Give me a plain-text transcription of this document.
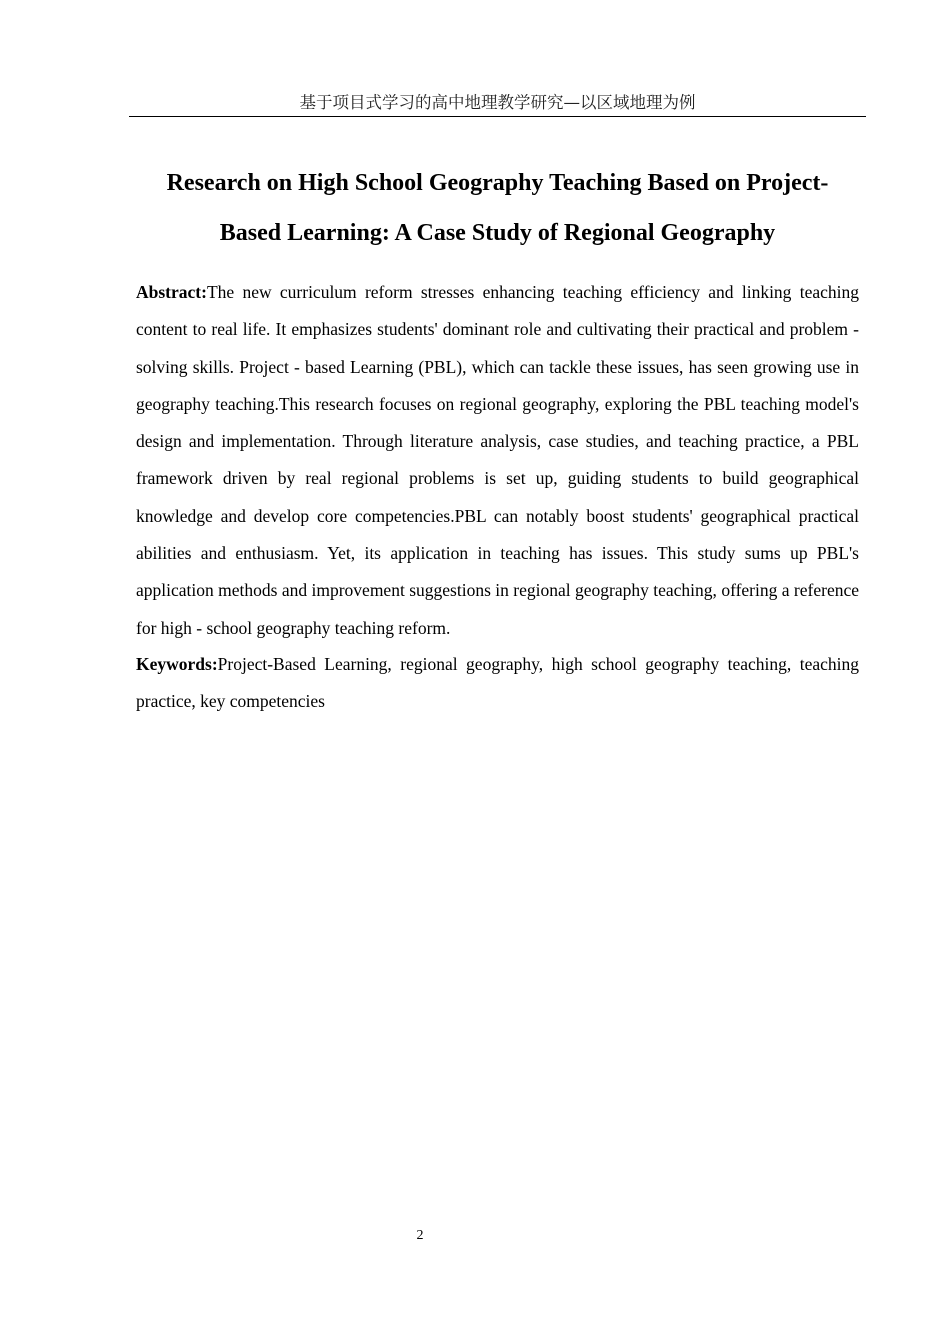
基于项目式学习的高中地理教学研究—以区域地理为例
Research on High School Geography Teaching Based on Project-
Based Learning: A Case Study of Regional Geography

Abstract:The new curriculum reform stresses enhancing teaching efficiency and linking teaching content to real life. It emphasizes students' dominant role and cultivating their practical and problem - solving skills. Project - based Learning (PBL), which can tackle these issues, has seen growing use in geography teaching.This research focuses on regional geography, exploring the PBL teaching model's design and implementation. Through literature analysis, case studies, and teaching practice, a PBL framework driven by real regional problems is set up, guiding students to build geographical knowledge and develop core competencies.PBL can notably boost students' geographical practical abilities and enthusiasm. Yet, its application in teaching has issues. This study sums up PBL's application methods and improvement suggestions in regional geography teaching, offering a reference for high - school geography teaching reform.

Keywords:Project-Based Learning, regional geography, high school geography teaching, teaching practice, key competencies

2
